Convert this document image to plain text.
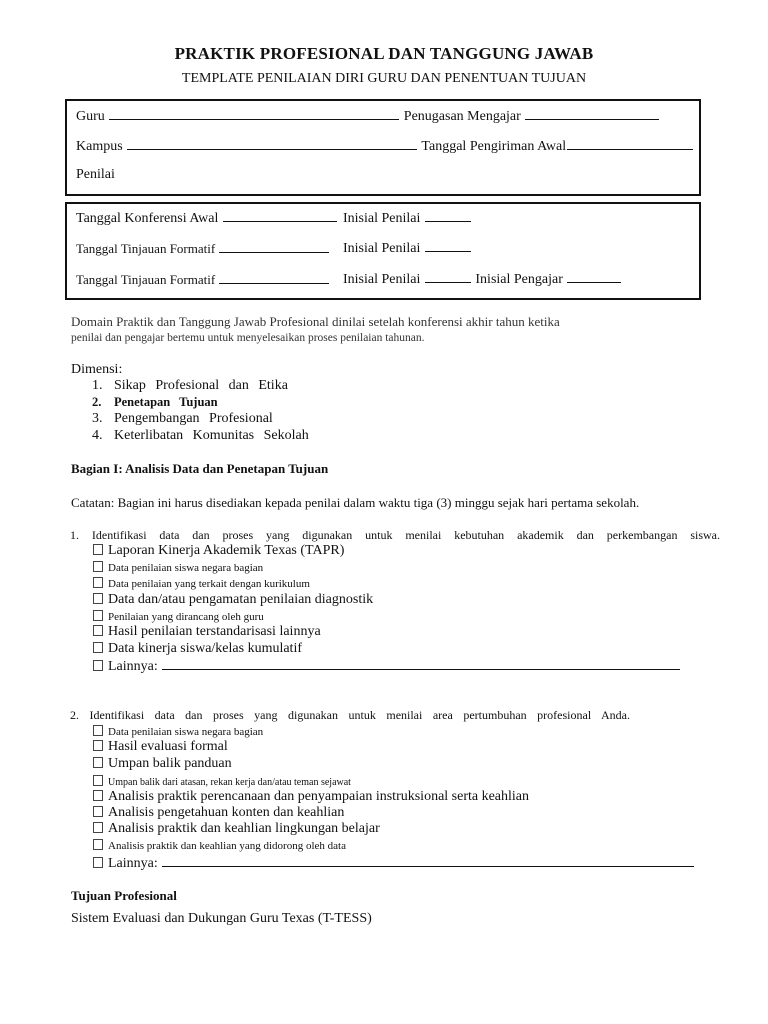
PRAKTIK PROFESIONAL DAN TANGGUNG JAWAB
TEMPLATE PENILAIAN DIRI GURU DAN PENENTUAN TUJUAN
Guru	Penugasan Mengajar
Kampus	Tanggal Pengiriman Awal
Penilai
Tanggal Konferensi Awal	Inisial Penilai
Tanggal Tinjauan Formatif	Inisial Penilai
Tanggal Tinjauan Formatif	Inisial Penilai	Inisial Pengajar
Domain Praktik dan Tanggung Jawab Profesional dinilai setelah konferensi akhir tahun ketika
penilai dan pengajar bertemu untuk menyelesaikan proses penilaian tahunan.
Dimensi:
1. Sikap Profesional dan Etika
2. Penetapan Tujuan
3. Pengembangan Profesional
4. Keterlibatan Komunitas Sekolah
Bagian I: Analisis Data dan Penetapan Tujuan
Catatan: Bagian ini harus disediakan kepada penilai dalam waktu tiga (3) minggu sejak hari pertama sekolah.
1. Identifikasi data dan proses yang digunakan untuk menilai kebutuhan akademik dan perkembangan siswa.
Laporan Kinerja Akademik Texas (TAPR)
Data penilaian siswa negara bagian
Data penilaian yang terkait dengan kurikulum
Data dan/atau pengamatan penilaian diagnostik
Penilaian yang dirancang oleh guru
Hasil penilaian terstandarisasi lainnya
Data kinerja siswa/kelas kumulatif
Lainnya:
2. Identifikasi data dan proses yang digunakan untuk menilai area pertumbuhan profesional Anda.
Data penilaian siswa negara bagian
Hasil evaluasi formal
Umpan balik panduan
Umpan balik dari atasan, rekan kerja dan/atau teman sejawat
Analisis praktik perencanaan dan penyampaian instruksional serta keahlian
Analisis pengetahuan konten dan keahlian
Analisis praktik dan keahlian lingkungan belajar
Analisis praktik dan keahlian yang didorong oleh data
Lainnya:
Tujuan Profesional
Sistem Evaluasi dan Dukungan Guru Texas (T-TESS)
